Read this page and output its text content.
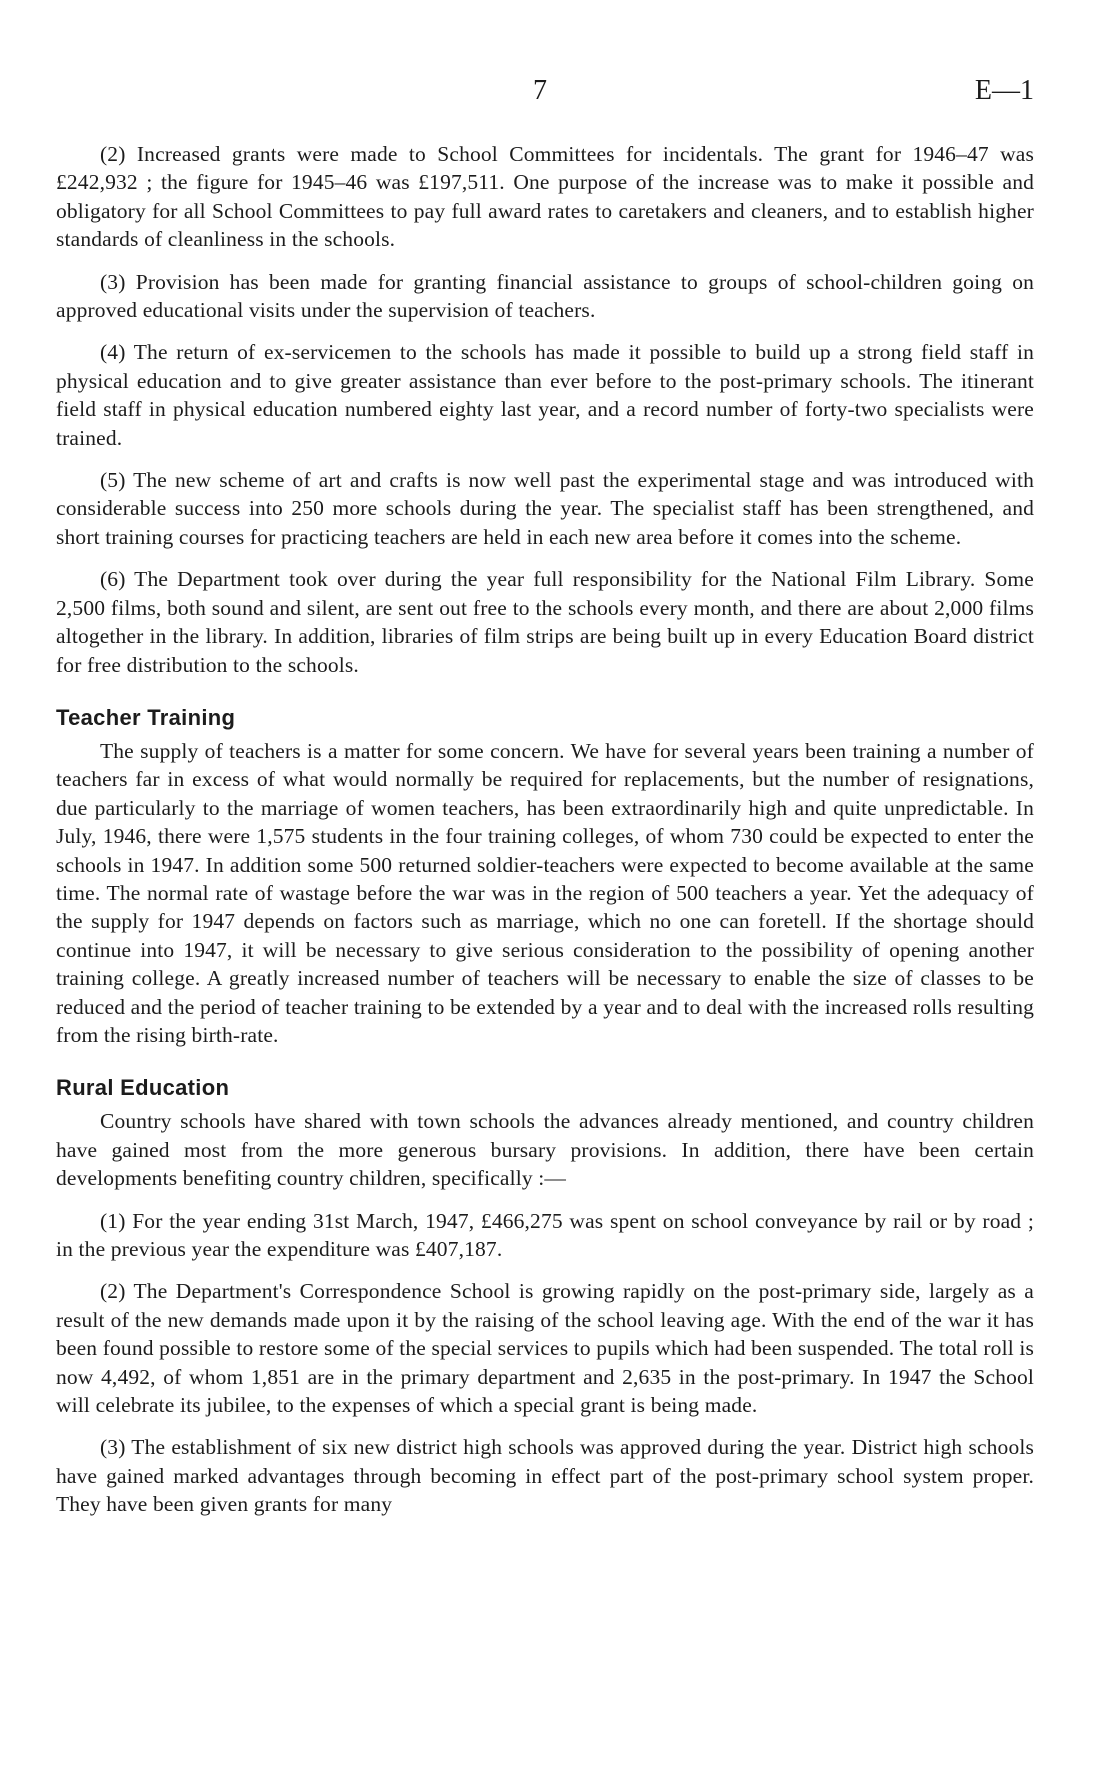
7	E—1

(2) Increased grants were made to School Committees for incidentals. The grant for 1946–47 was £242,932 ; the figure for 1945–46 was £197,511. One purpose of the increase was to make it possible and obligatory for all School Committees to pay full award rates to caretakers and cleaners, and to establish higher standards of cleanliness in the schools.

(3) Provision has been made for granting financial assistance to groups of school-children going on approved educational visits under the supervision of teachers.

(4) The return of ex-servicemen to the schools has made it possible to build up a strong field staff in physical education and to give greater assistance than ever before to the post-primary schools. The itinerant field staff in physical education numbered eighty last year, and a record number of forty-two specialists were trained.

(5) The new scheme of art and crafts is now well past the experimental stage and was introduced with considerable success into 250 more schools during the year. The specialist staff has been strengthened, and short training courses for practicing teachers are held in each new area before it comes into the scheme.

(6) The Department took over during the year full responsibility for the National Film Library. Some 2,500 films, both sound and silent, are sent out free to the schools every month, and there are about 2,000 films altogether in the library. In addition, libraries of film strips are being built up in every Education Board district for free distribution to the schools.

Teacher Training

The supply of teachers is a matter for some concern. We have for several years been training a number of teachers far in excess of what would normally be required for replacements, but the number of resignations, due particularly to the marriage of women teachers, has been extraordinarily high and quite unpredictable. In July, 1946, there were 1,575 students in the four training colleges, of whom 730 could be expected to enter the schools in 1947. In addition some 500 returned soldier-teachers were expected to become available at the same time. The normal rate of wastage before the war was in the region of 500 teachers a year. Yet the adequacy of the supply for 1947 depends on factors such as marriage, which no one can foretell. If the shortage should continue into 1947, it will be necessary to give serious consideration to the possibility of opening another training college. A greatly increased number of teachers will be necessary to enable the size of classes to be reduced and the period of teacher training to be extended by a year and to deal with the increased rolls resulting from the rising birth-rate.

Rural Education

Country schools have shared with town schools the advances already mentioned, and country children have gained most from the more generous bursary provisions. In addition, there have been certain developments benefiting country children, specifically :—

(1) For the year ending 31st March, 1947, £466,275 was spent on school conveyance by rail or by road ; in the previous year the expenditure was £407,187.

(2) The Department's Correspondence School is growing rapidly on the post-primary side, largely as a result of the new demands made upon it by the raising of the school leaving age. With the end of the war it has been found possible to restore some of the special services to pupils which had been suspended. The total roll is now 4,492, of whom 1,851 are in the primary department and 2,635 in the post-primary. In 1947 the School will celebrate its jubilee, to the expenses of which a special grant is being made.

(3) The establishment of six new district high schools was approved during the year. District high schools have gained marked advantages through becoming in effect part of the post-primary school system proper. They have been given grants for many
